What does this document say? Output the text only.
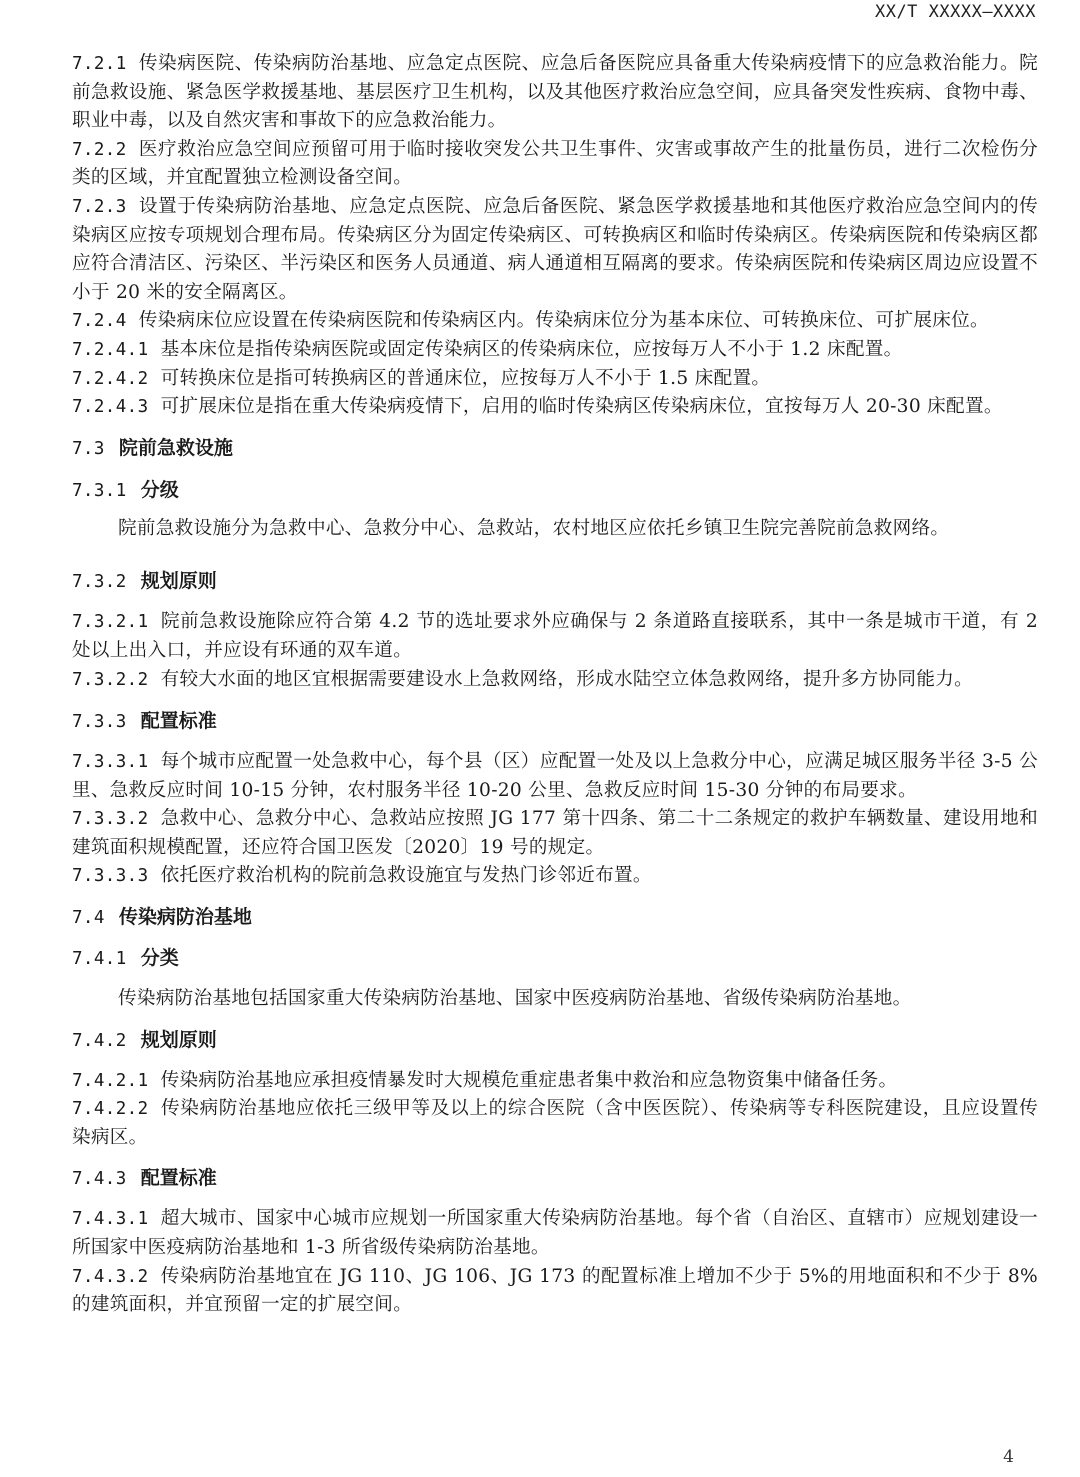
XX/T XXXXX—XXXX

7.2.1 传染病医院、传染病防治基地、应急定点医院、应急后备医院应具备重大传染病疫情下的应急救治能力。院前急救设施、紧急医学救援基地、基层医疗卫生机构，以及其他医疗救治应急空间，应具备突发性疾病、食物中毒、职业中毒，以及自然灾害和事故下的应急救治能力。

7.2.2 医疗救治应急空间应预留可用于临时接收突发公共卫生事件、灾害或事故产生的批量伤员，进行二次检伤分类的区域，并宜配置独立检测设备空间。

7.2.3 设置于传染病防治基地、应急定点医院、应急后备医院、紧急医学救援基地和其他医疗救治应急空间内的传染病区应按专项规划合理布局。传染病区分为固定传染病区、可转换病区和临时传染病区。传染病医院和传染病区都应符合清洁区、污染区、半污染区和医务人员通道、病人通道相互隔离的要求。传染病医院和传染病区周边应设置不小于 20 米的安全隔离区。

7.2.4 传染病床位应设置在传染病医院和传染病区内。传染病床位分为基本床位、可转换床位、可扩展床位。

7.2.4.1 基本床位是指传染病医院或固定传染病区的传染病床位，应按每万人不小于 1.2 床配置。

7.2.4.2 可转换床位是指可转换病区的普通床位，应按每万人不小于 1.5 床配置。

7.2.4.3 可扩展床位是指在重大传染病疫情下，启用的临时传染病区传染病床位，宜按每万人 20-30 床配置。

7.3 院前急救设施

7.3.1 分级

院前急救设施分为急救中心、急救分中心、急救站，农村地区应依托乡镇卫生院完善院前急救网络。

7.3.2 规划原则

7.3.2.1 院前急救设施除应符合第 4.2 节的选址要求外应确保与 2 条道路直接联系，其中一条是城市干道，有 2 处以上出入口，并应设有环通的双车道。

7.3.2.2 有较大水面的地区宜根据需要建设水上急救网络，形成水陆空立体急救网络，提升多方协同能力。

7.3.3 配置标准

7.3.3.1 每个城市应配置一处急救中心，每个县（区）应配置一处及以上急救分中心，应满足城区服务半径 3-5 公里、急救反应时间 10-15 分钟，农村服务半径 10-20 公里、急救反应时间 15-30 分钟的布局要求。

7.3.3.2 急救中心、急救分中心、急救站应按照 JG 177 第十四条、第二十二条规定的救护车辆数量、建设用地和建筑面积规模配置，还应符合国卫医发〔2020〕19 号的规定。

7.3.3.3 依托医疗救治机构的院前急救设施宜与发热门诊邻近布置。

7.4 传染病防治基地

7.4.1 分类

传染病防治基地包括国家重大传染病防治基地、国家中医疫病防治基地、省级传染病防治基地。

7.4.2 规划原则

7.4.2.1 传染病防治基地应承担疫情暴发时大规模危重症患者集中救治和应急物资集中储备任务。

7.4.2.2 传染病防治基地应依托三级甲等及以上的综合医院（含中医医院）、传染病等专科医院建设，且应设置传染病区。

7.4.3 配置标准

7.4.3.1 超大城市、国家中心城市应规划一所国家重大传染病防治基地。每个省（自治区、直辖市）应规划建设一所国家中医疫病防治基地和 1-3 所省级传染病防治基地。

7.4.3.2 传染病防治基地宜在 JG 110、JG 106、JG 173 的配置标准上增加不少于 5%的用地面积和不少于 8%的建筑面积，并宜预留一定的扩展空间。

4
